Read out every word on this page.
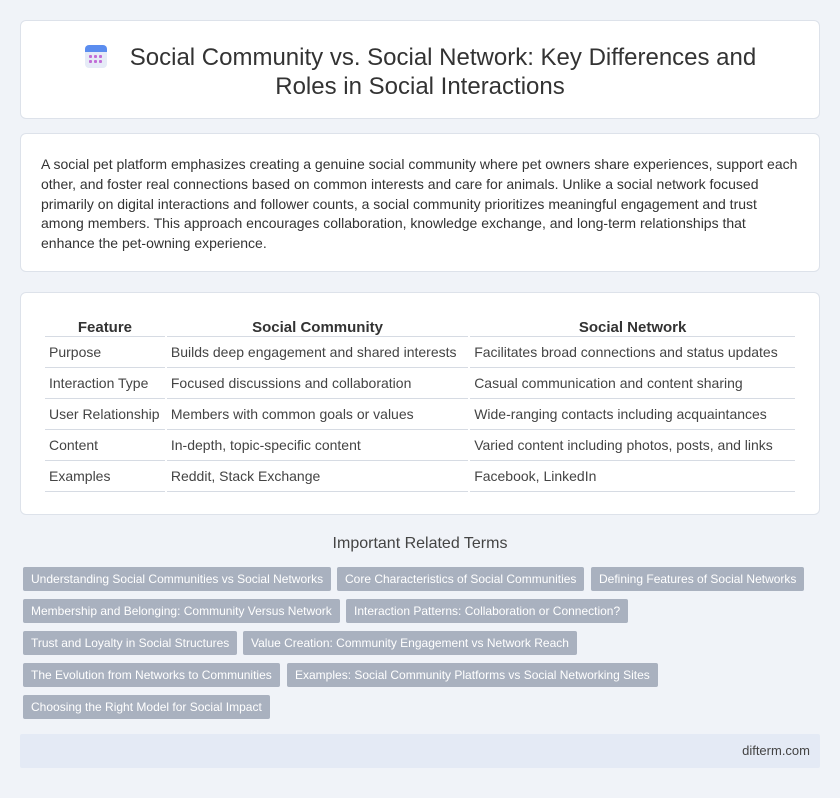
Social Community vs. Social Network: Key Differences and Roles in Social Interactions

A social pet platform emphasizes creating a genuine social community where pet owners share experiences, support each other, and foster real connections based on common interests and care for animals. Unlike a social network focused primarily on digital interactions and follower counts, a social community prioritizes meaningful engagement and trust among members. This approach encourages collaboration, knowledge exchange, and long-term relationships that enhance the pet-owning experience.

Feature	Social Community	Social Network
Purpose	Builds deep engagement and shared interests	Facilitates broad connections and status updates
Interaction Type	Focused discussions and collaboration	Casual communication and content sharing
User Relationship	Members with common goals or values	Wide-ranging contacts including acquaintances
Content	In-depth, topic-specific content	Varied content including photos, posts, and links
Examples	Reddit, Stack Exchange	Facebook, LinkedIn
Important Related Terms
Understanding Social Communities vs Social Networks	Core Characteristics of Social Communities	Defining Features of Social Networks
Membership and Belonging: Community Versus Network	Interaction Patterns: Collaboration or Connection?
Trust and Loyalty in Social Structures	Value Creation: Community Engagement vs Network Reach
The Evolution from Networks to Communities	Examples: Social Community Platforms vs Social Networking Sites
Choosing the Right Model for Social Impact
difterm.com
